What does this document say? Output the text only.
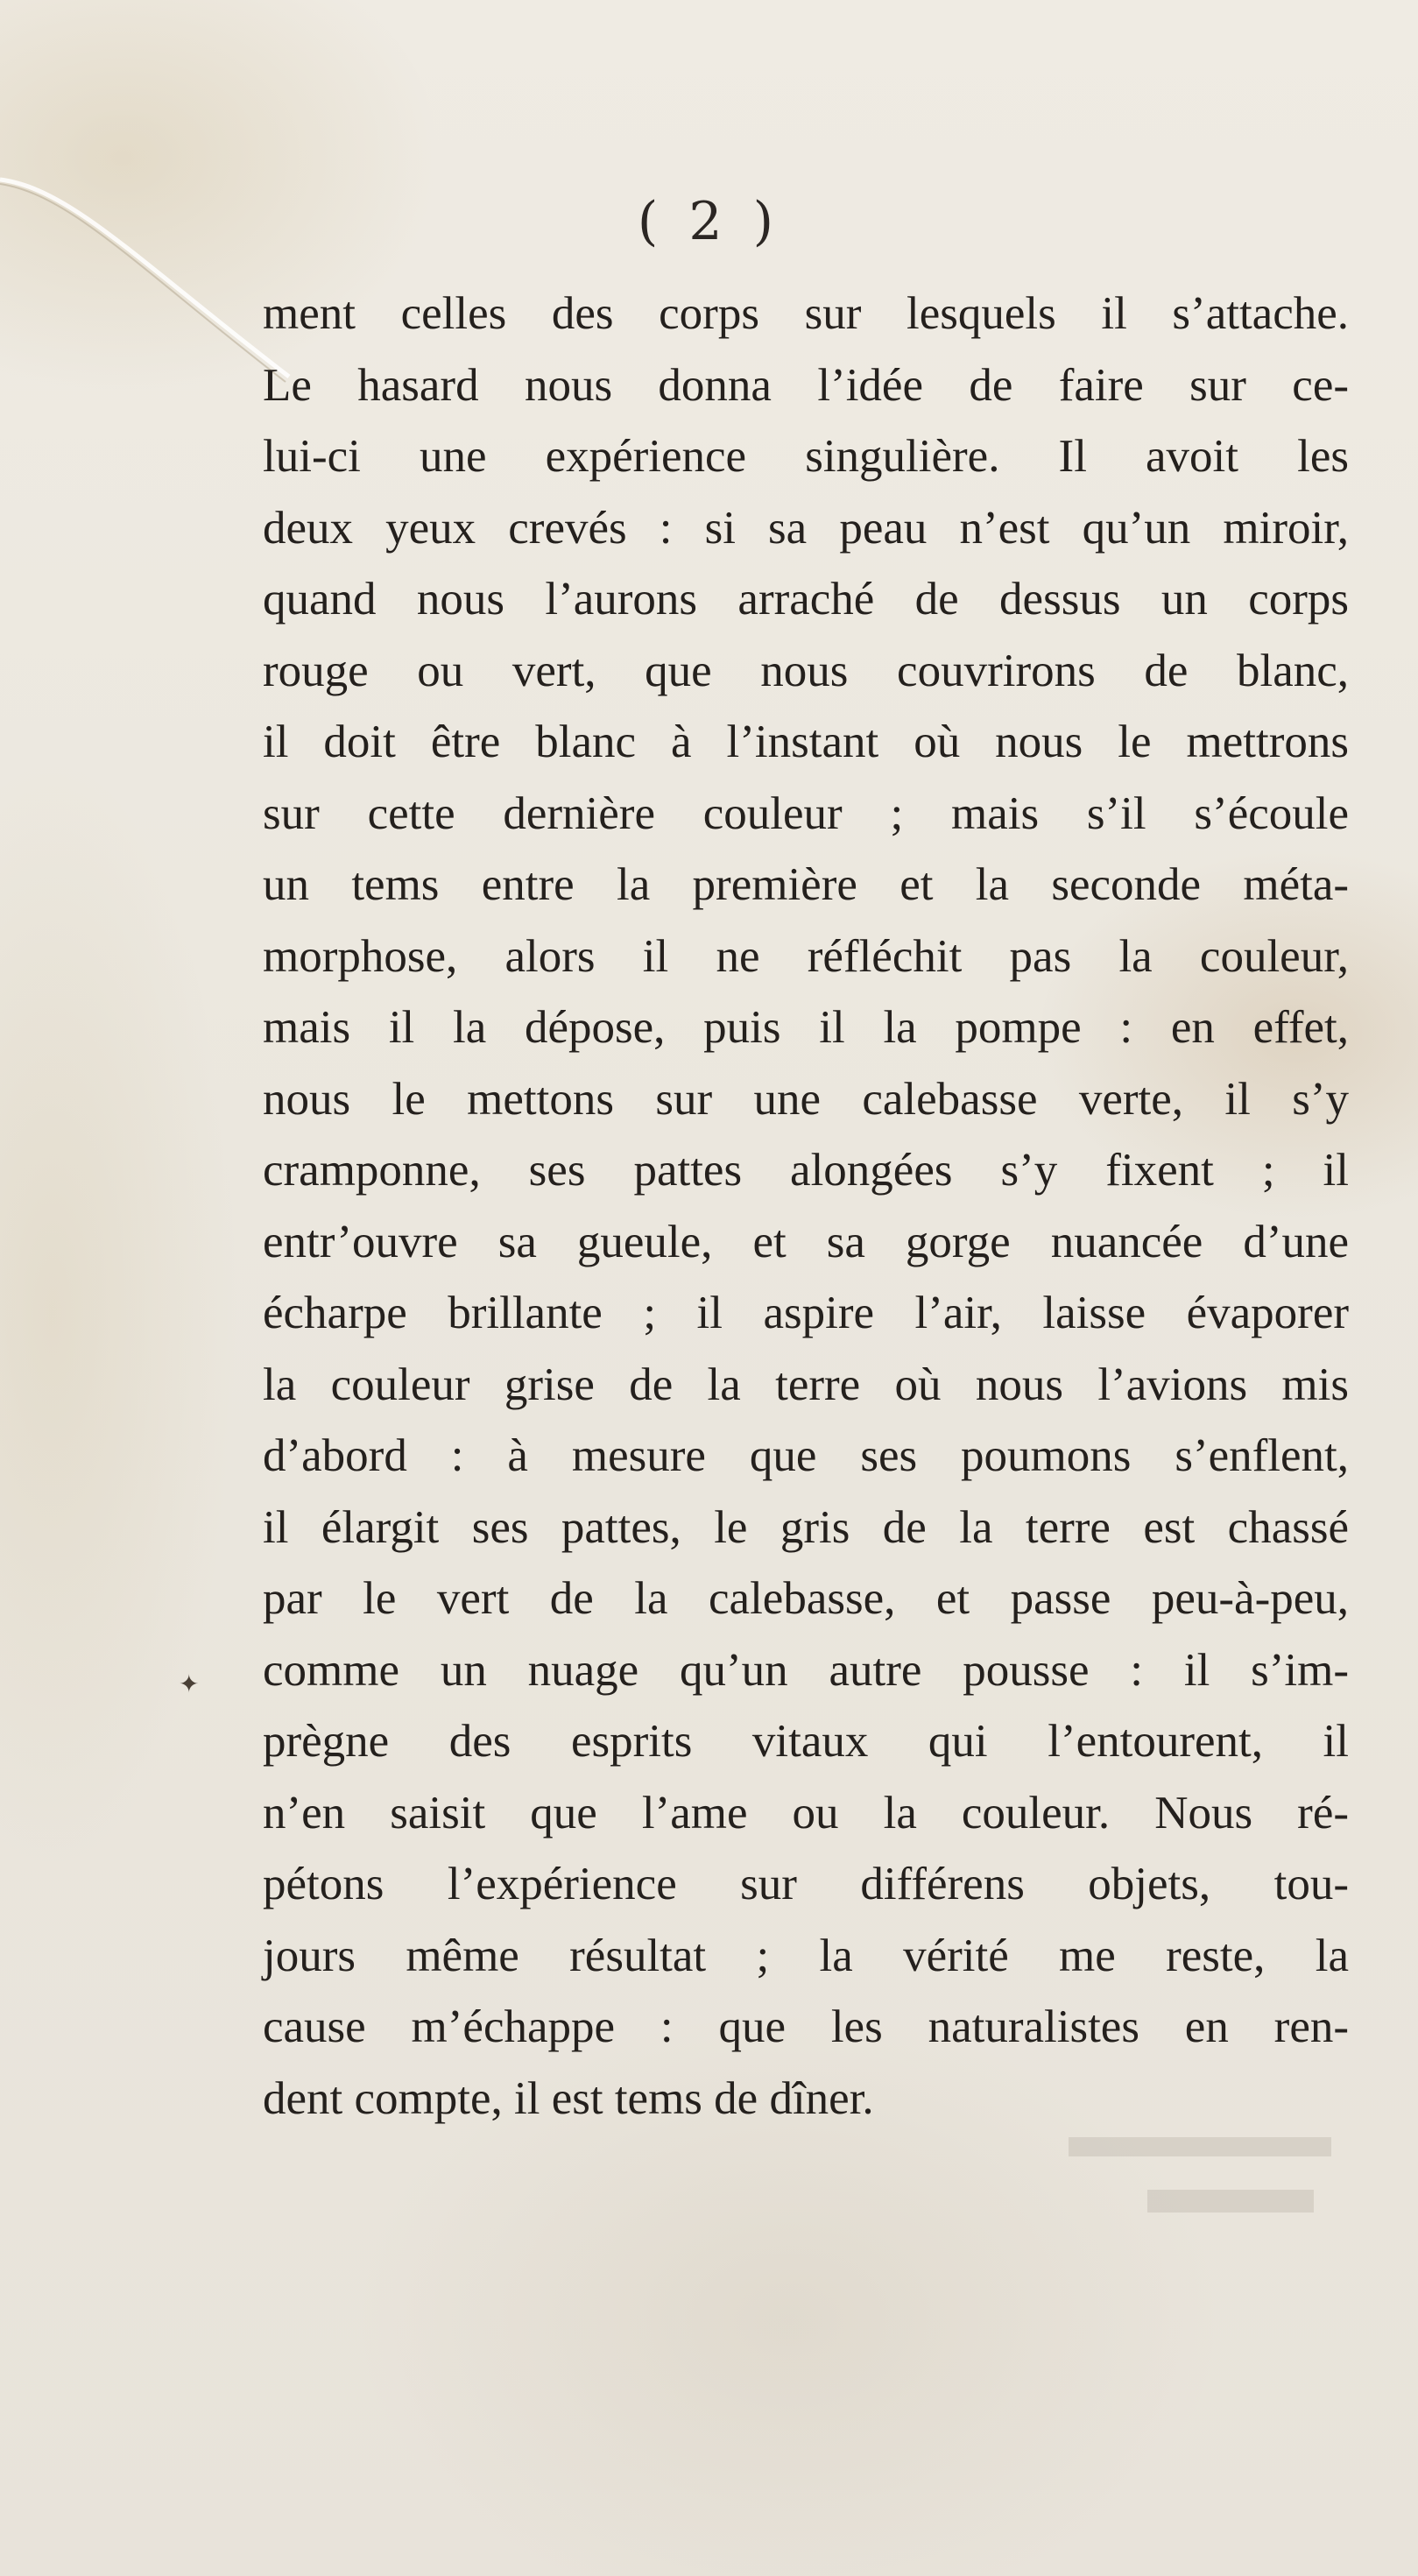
( 2 )
ment celles des corps sur lesquels il s’attache.
Le hasard nous donna l’idée de faire sur ce-
lui-ci une expérience singulière. Il avoit les
deux yeux crevés : si sa peau n’est qu’un miroir,
quand nous l’aurons arraché de dessus un corps
rouge ou vert, que nous couvrirons de blanc,
il doit être blanc à l’instant où nous le mettrons
sur cette dernière couleur ; mais s’il s’écoule
un tems entre la première et la seconde méta-
morphose, alors il ne réfléchit pas la couleur,
mais il la dépose, puis il la pompe : en effet,
nous le mettons sur une calebasse verte, il s’y
cramponne, ses pattes alongées s’y fixent ; il
entr’ouvre sa gueule, et sa gorge nuancée d’une
écharpe brillante ; il aspire l’air, laisse évaporer
la couleur grise de la terre où nous l’avions mis
d’abord : à mesure que ses poumons s’enflent,
il élargit ses pattes, le gris de la terre est chassé
par le vert de la calebasse, et passe peu-à-peu,
comme un nuage qu’un autre pousse : il s’im-
prègne des esprits vitaux qui l’entourent, il
n’en saisit que l’ame ou la couleur. Nous ré-
pétons l’expérience sur différens objets, tou-
jours même résultat ; la vérité me reste, la
cause m’échappe : que les naturalistes en ren-
dent compte, il est tems de dîner.
✦
